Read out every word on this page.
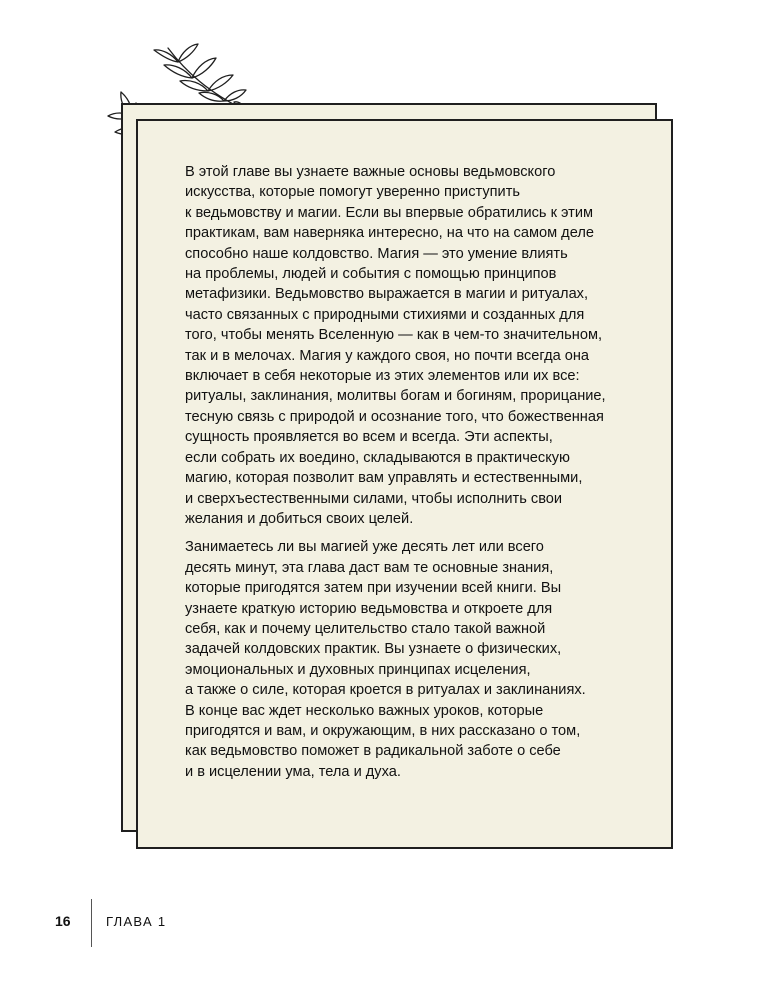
В этой главе вы узнаете важные основы ведьмовского
искусства, которые помогут уверенно приступить
к ведьмовству и магии. Если вы впервые обратились к этим
практикам, вам наверняка интересно, на что на самом деле
способно наше колдовство. Магия — это умение влиять
на проблемы, людей и события с помощью принципов
метафизики. Ведьмовство выражается в магии и ритуалах,
часто связанных с природными стихиями и созданных для
того, чтобы менять Вселенную — как в чем-то значительном,
так и в мелочах. Магия у каждого своя, но почти всегда она
включает в себя некоторые из этих элементов или их все:
ритуалы, заклинания, молитвы богам и богиням, прорицание,
тесную связь с природой и осознание того, что божественная
сущность проявляется во всем и всегда. Эти аспекты,
если собрать их воедино, складываются в практическую
магию, которая позволит вам управлять и естественными,
и сверхъестественными силами, чтобы исполнить свои
желания и добиться своих целей.

Занимаетесь ли вы магией уже десять лет или всего
десять минут, эта глава даст вам те основные знания,
которые пригодятся затем при изучении всей книги. Вы
узнаете краткую историю ведьмовства и откроете для
себя, как и почему целительство стало такой важной
задачей колдовских практик. Вы узнаете о физических,
эмоциональных и духовных принципах исцеления,
а также о силе, которая кроется в ритуалах и заклинаниях.
В конце вас ждет несколько важных уроков, которые
пригодятся и вам, и окружающим, в них рассказано о том,
как ведьмовство поможет в радикальной заботе о себе
и в исцелении ума, тела и духа.

16	ГЛАВА 1
